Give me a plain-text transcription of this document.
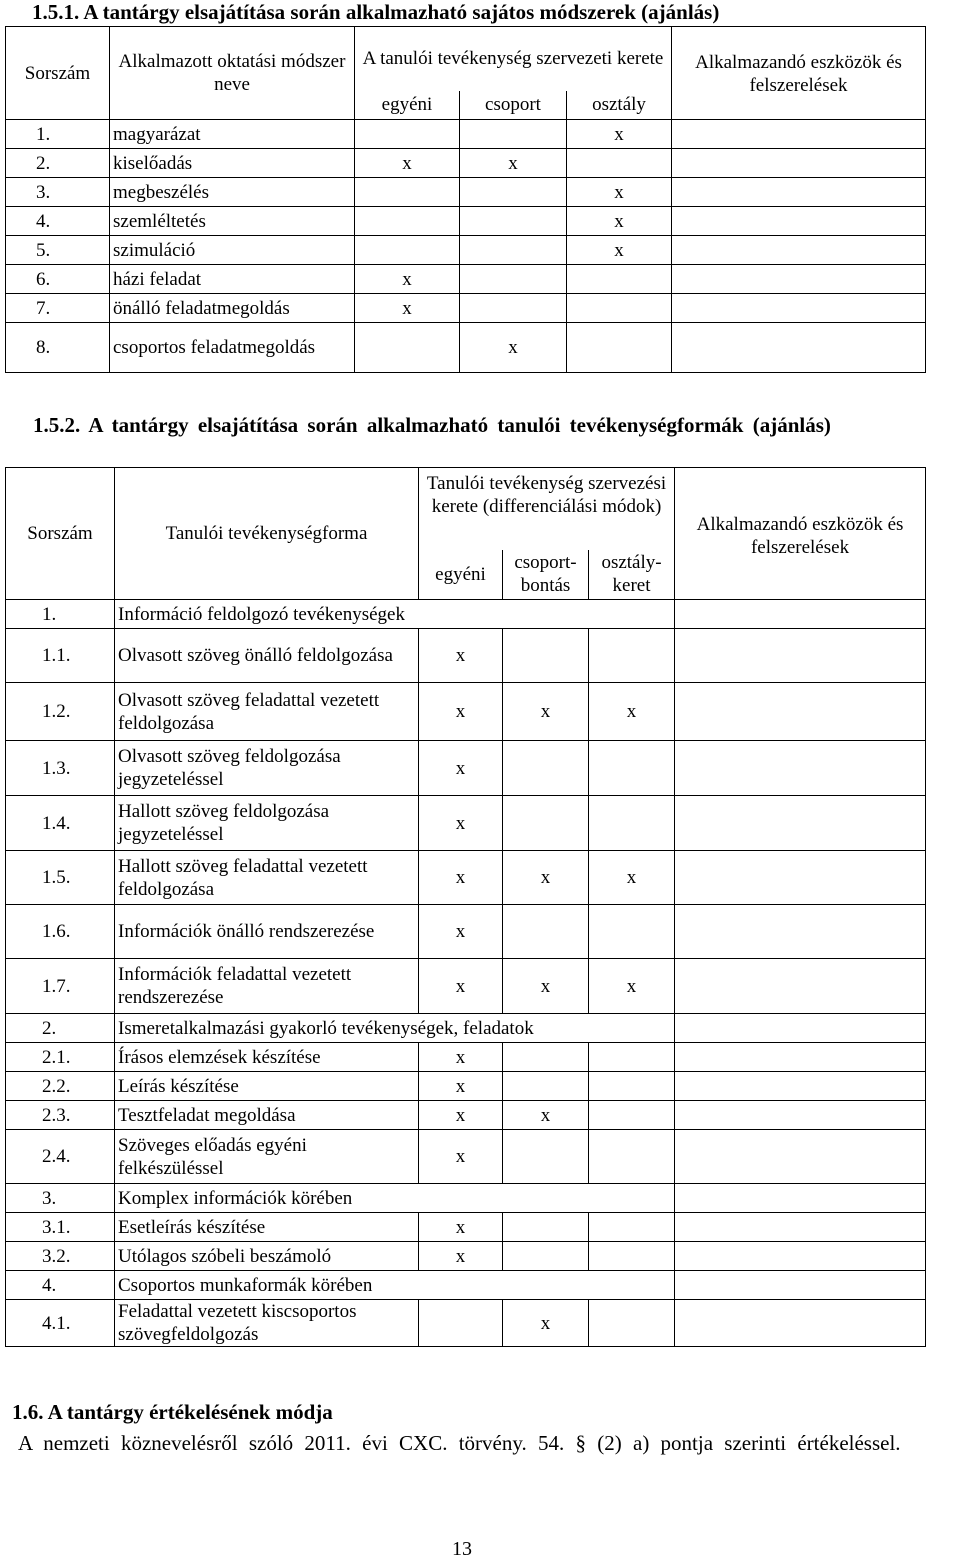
1.5.1. A tantárgy elsajátítása során alkalmazható sajátos módszerek (ajánlás)
Sorszám	Alkalmazott oktatási módszer neve	A tanulói tevékenység szervezeti kerete			Alkalmazandó eszközök és felszerelések
		egyéni	csoport	osztály	
1.	magyarázat			x	
2.	kiselőadás	x	x		
3.	megbeszélés			x	
4.	szemléltetés			x	
5.	szimuláció			x	
6.	házi feladat	x			
7.	önálló feladatmegoldás	x			
8.	csoportos feladatmegoldás		x		
1.5.2. A tantárgy elsajátítása során alkalmazható tanulói tevékenységformák (ajánlás)
Sorszám	Tanulói tevékenységforma	Tanulói tevékenység szervezési kerete (differenciálási módok)			Alkalmazandó eszközök és felszerelések
		egyéni	csoport-bontás	osztály-keret	
1.	Információ feldolgozó tevékenységek				
1.1.	Olvasott szöveg önálló feldolgozása	x			
1.2.	Olvasott szöveg feladattal vezetett feldolgozása	x	x	x	
1.3.	Olvasott szöveg feldolgozása jegyzeteléssel	x			
1.4.	Hallott szöveg feldolgozása jegyzeteléssel	x			
1.5.	Hallott szöveg feladattal vezetett feldolgozása	x	x	x	
1.6.	Információk önálló rendszerezése	x			
1.7.	Információk feladattal vezetett rendszerezése	x	x	x	
2.	Ismeretalkalmazási gyakorló tevékenységek, feladatok				
2.1.	Írásos elemzések készítése	x			
2.2.	Leírás készítése	x			
2.3.	Tesztfeladat megoldása	x	x		
2.4.	Szöveges előadás egyéni felkészüléssel	x			
3.	Komplex információk körében				
3.1.	Esetleírás készítése	x			
3.2.	Utólagos szóbeli beszámoló	x			
4.	Csoportos munkaformák körében				
4.1.	Feladattal vezetett kiscsoportos szövegfeldolgozás		x		
1.6. A tantárgy értékelésének módja
A nemzeti köznevelésről szóló 2011. évi CXC. törvény. 54. § (2) a) pontja szerinti értékeléssel.
13
